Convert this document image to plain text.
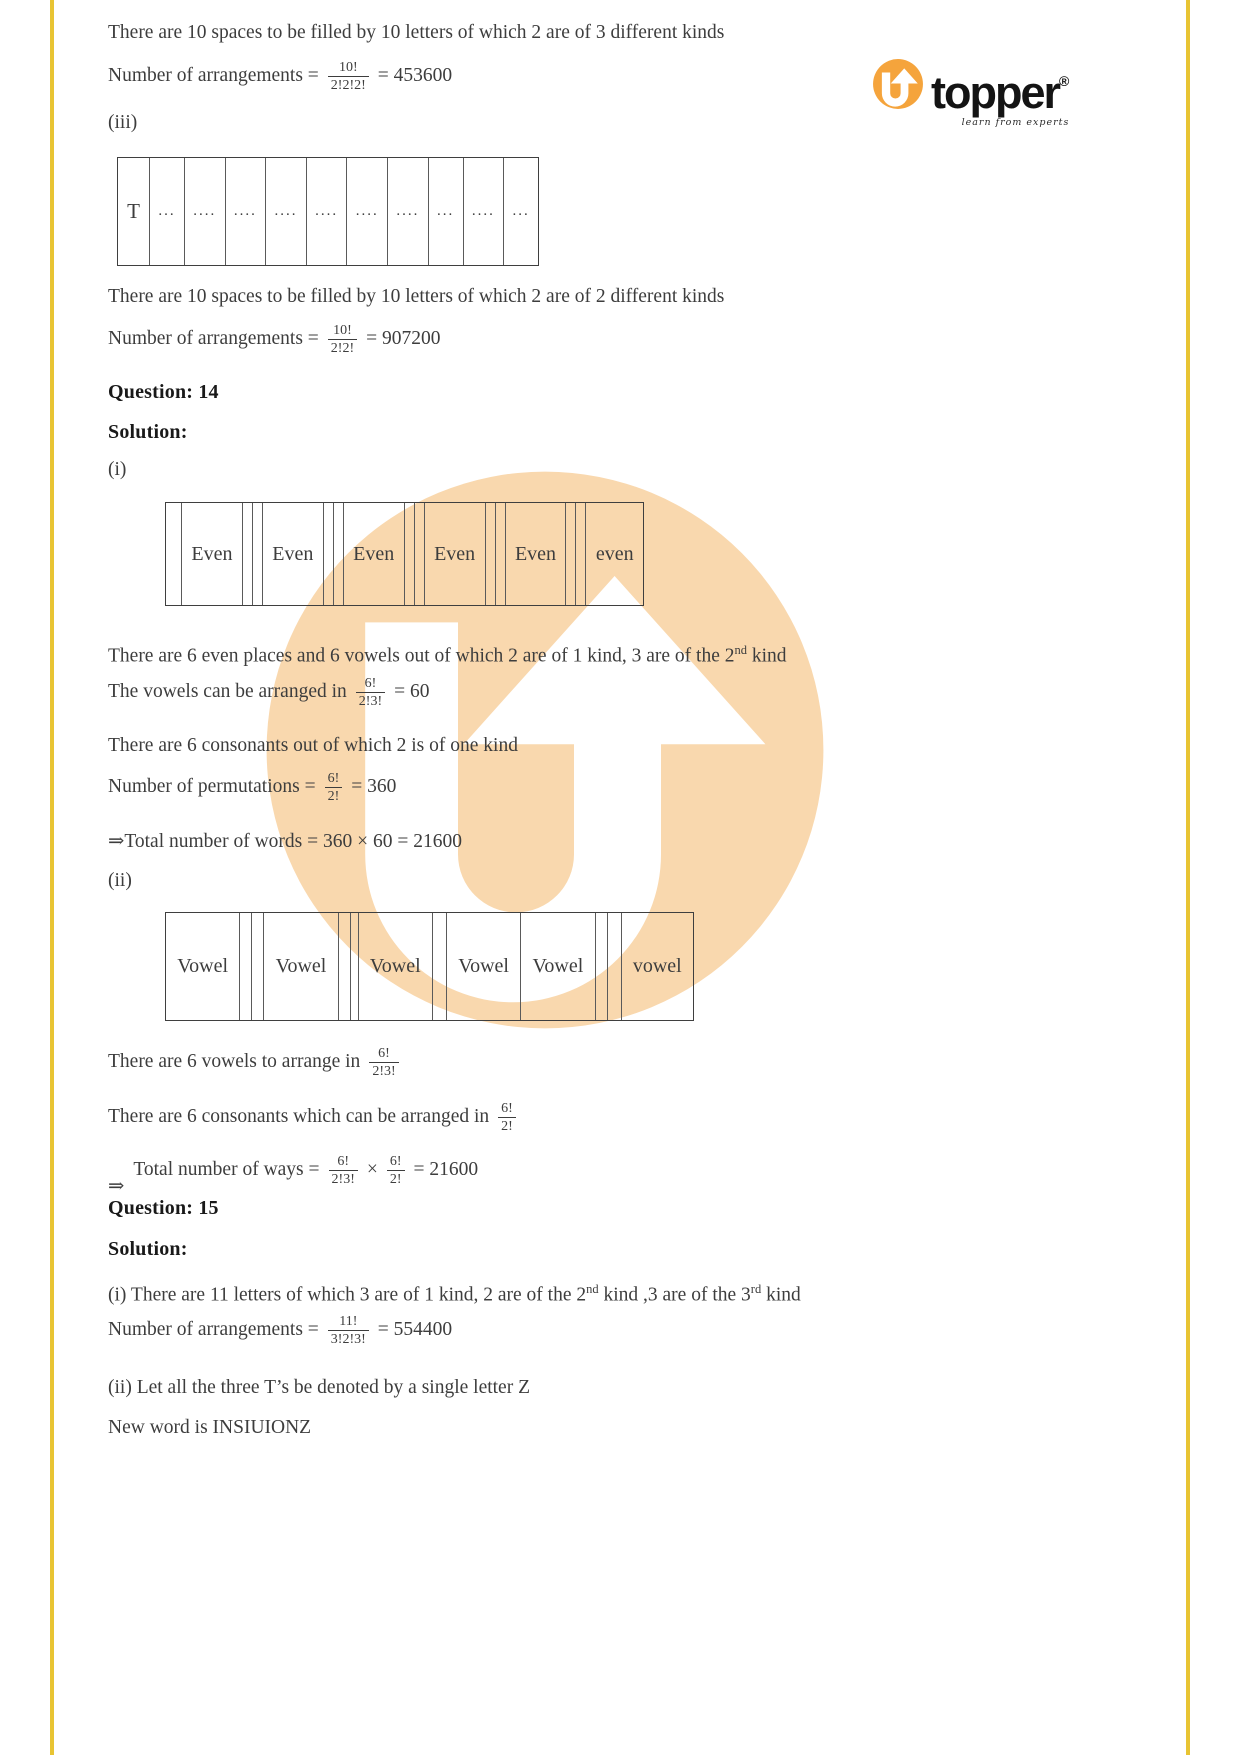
topper®
learn from experts
There are 10 spaces to be filled by 10 letters of which 2 are of 3 different kinds
Number of arrangements = $\frac{10!}{2!2!2!} = 453600$
(iii)
T	...	....	....	....	....	....	....	...	....	...
There are 10 spaces to be filled by 10 letters of which 2 are of 2 different kinds
Number of arrangements = $\frac{10!}{2!2!} = 907200$
Question: 14
Solution:
(i)
Even	Even	Even	Even	Even	even
There are 6 even places and 6 vowels out of which 2 are of 1 kind, 3 are of the 2nd kind
The vowels can be arranged in $\frac{6!}{2!3!} = 60$
There are 6 consonants out of which 2 is of one kind
Number of permutations = $\frac{6!}{2!} = 360$
⇒Total number of words = 360 × 60 = 21600
(ii)
Vowel	Vowel	Vowel	Vowel	Vowel	vowel
There are 6 vowels to arrange in $\frac{6!}{2!3!}$
There are 6 consonants which can be arranged in $\frac{6!}{2!}$
⇒
Total number of ways = $\frac{6!}{2!3!} \times \frac{6!}{2!} = 21600$
Question: 15
Solution:
(i) There are 11 letters of which 3 are of 1 kind, 2 are of the 2nd kind ,3 are of the 3rd kind
Number of arrangements = $\frac{11!}{3!2!3!} = 554400$
(ii) Let all the three T’s be denoted by a single letter Z
New word is INSIUIONZ
